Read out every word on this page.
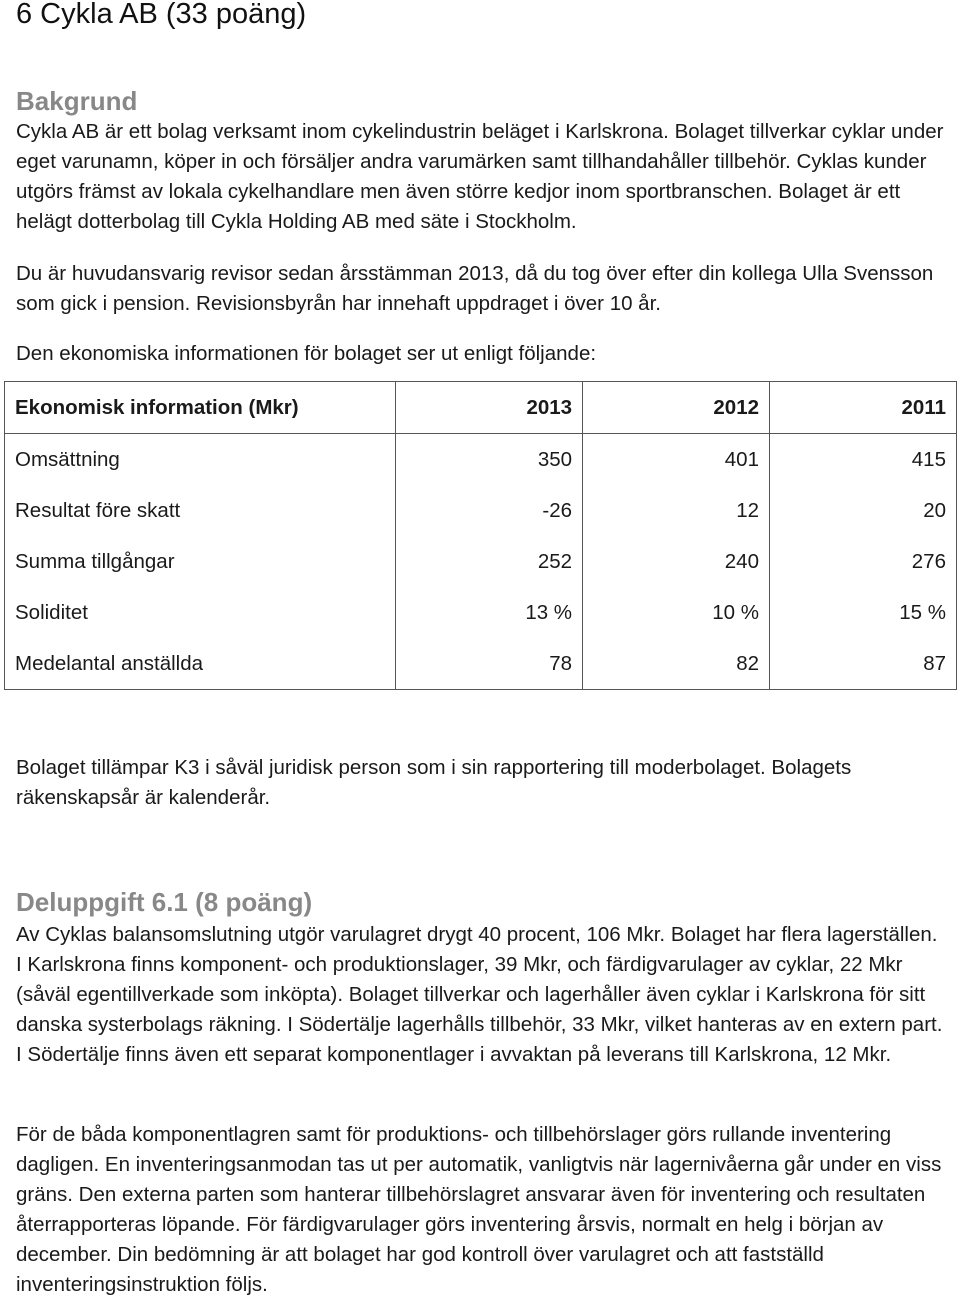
6 Cykla AB (33 poäng)
Bakgrund

Cykla AB är ett bolag verksamt inom cykelindustrin beläget i Karlskrona. Bolaget tillverkar cyklar under eget varunamn, köper in och försäljer andra varumärken samt tillhandahåller tillbehör. Cyklas kunder utgörs främst av lokala cykelhandlare men även större kedjor inom sportbranschen. Bolaget är ett helägt dotterbolag till Cykla Holding AB med säte i Stockholm.

Du är huvudansvarig revisor sedan årsstämman 2013, då du tog över efter din kollega Ulla Svensson som gick i pension. Revisionsbyrån har innehaft uppdraget i över 10 år.

Den ekonomiska informationen för bolaget ser ut enligt följande:

Ekonomisk information (Mkr)	2013	2012	2011
Omsättning	350	401	415
Resultat före skatt	-26	12	20
Summa tillgångar	252	240	276
Soliditet	13 %	10 %	15 %
Medelantal anställda	78	82	87

Bolaget tillämpar K3 i såväl juridisk person som i sin rapportering till moderbolaget. Bolagets räkenskapsår är kalenderår.

Deluppgift 6.1 (8 poäng)

Av Cyklas balansomslutning utgör varulagret drygt 40 procent, 106 Mkr. Bolaget har flera lagerställen. I Karlskrona finns komponent- och produktionslager, 39 Mkr, och färdigvarulager av cyklar, 22 Mkr (såväl egentillverkade som inköpta). Bolaget tillverkar och lagerhåller även cyklar i Karlskrona för sitt danska systerbolags räkning. I Södertälje lagerhålls tillbehör, 33 Mkr, vilket hanteras av en extern part. I Södertälje finns även ett separat komponentlager i avvaktan på leverans till Karlskrona, 12 Mkr.

För de båda komponentlagren samt för produktions- och tillbehörslager görs rullande inventering dagligen. En inventeringsanmodan tas ut per automatik, vanligtvis när lagernivåerna går under en viss gräns. Den externa parten som hanterar tillbehörslagret ansvarar även för inventering och resultaten återrapporteras löpande. För färdigvarulager görs inventering årsvis, normalt en helg i början av december. Din bedömning är att bolaget har god kontroll över varulagret och att fastställd inventeringsinstruktion följs.
